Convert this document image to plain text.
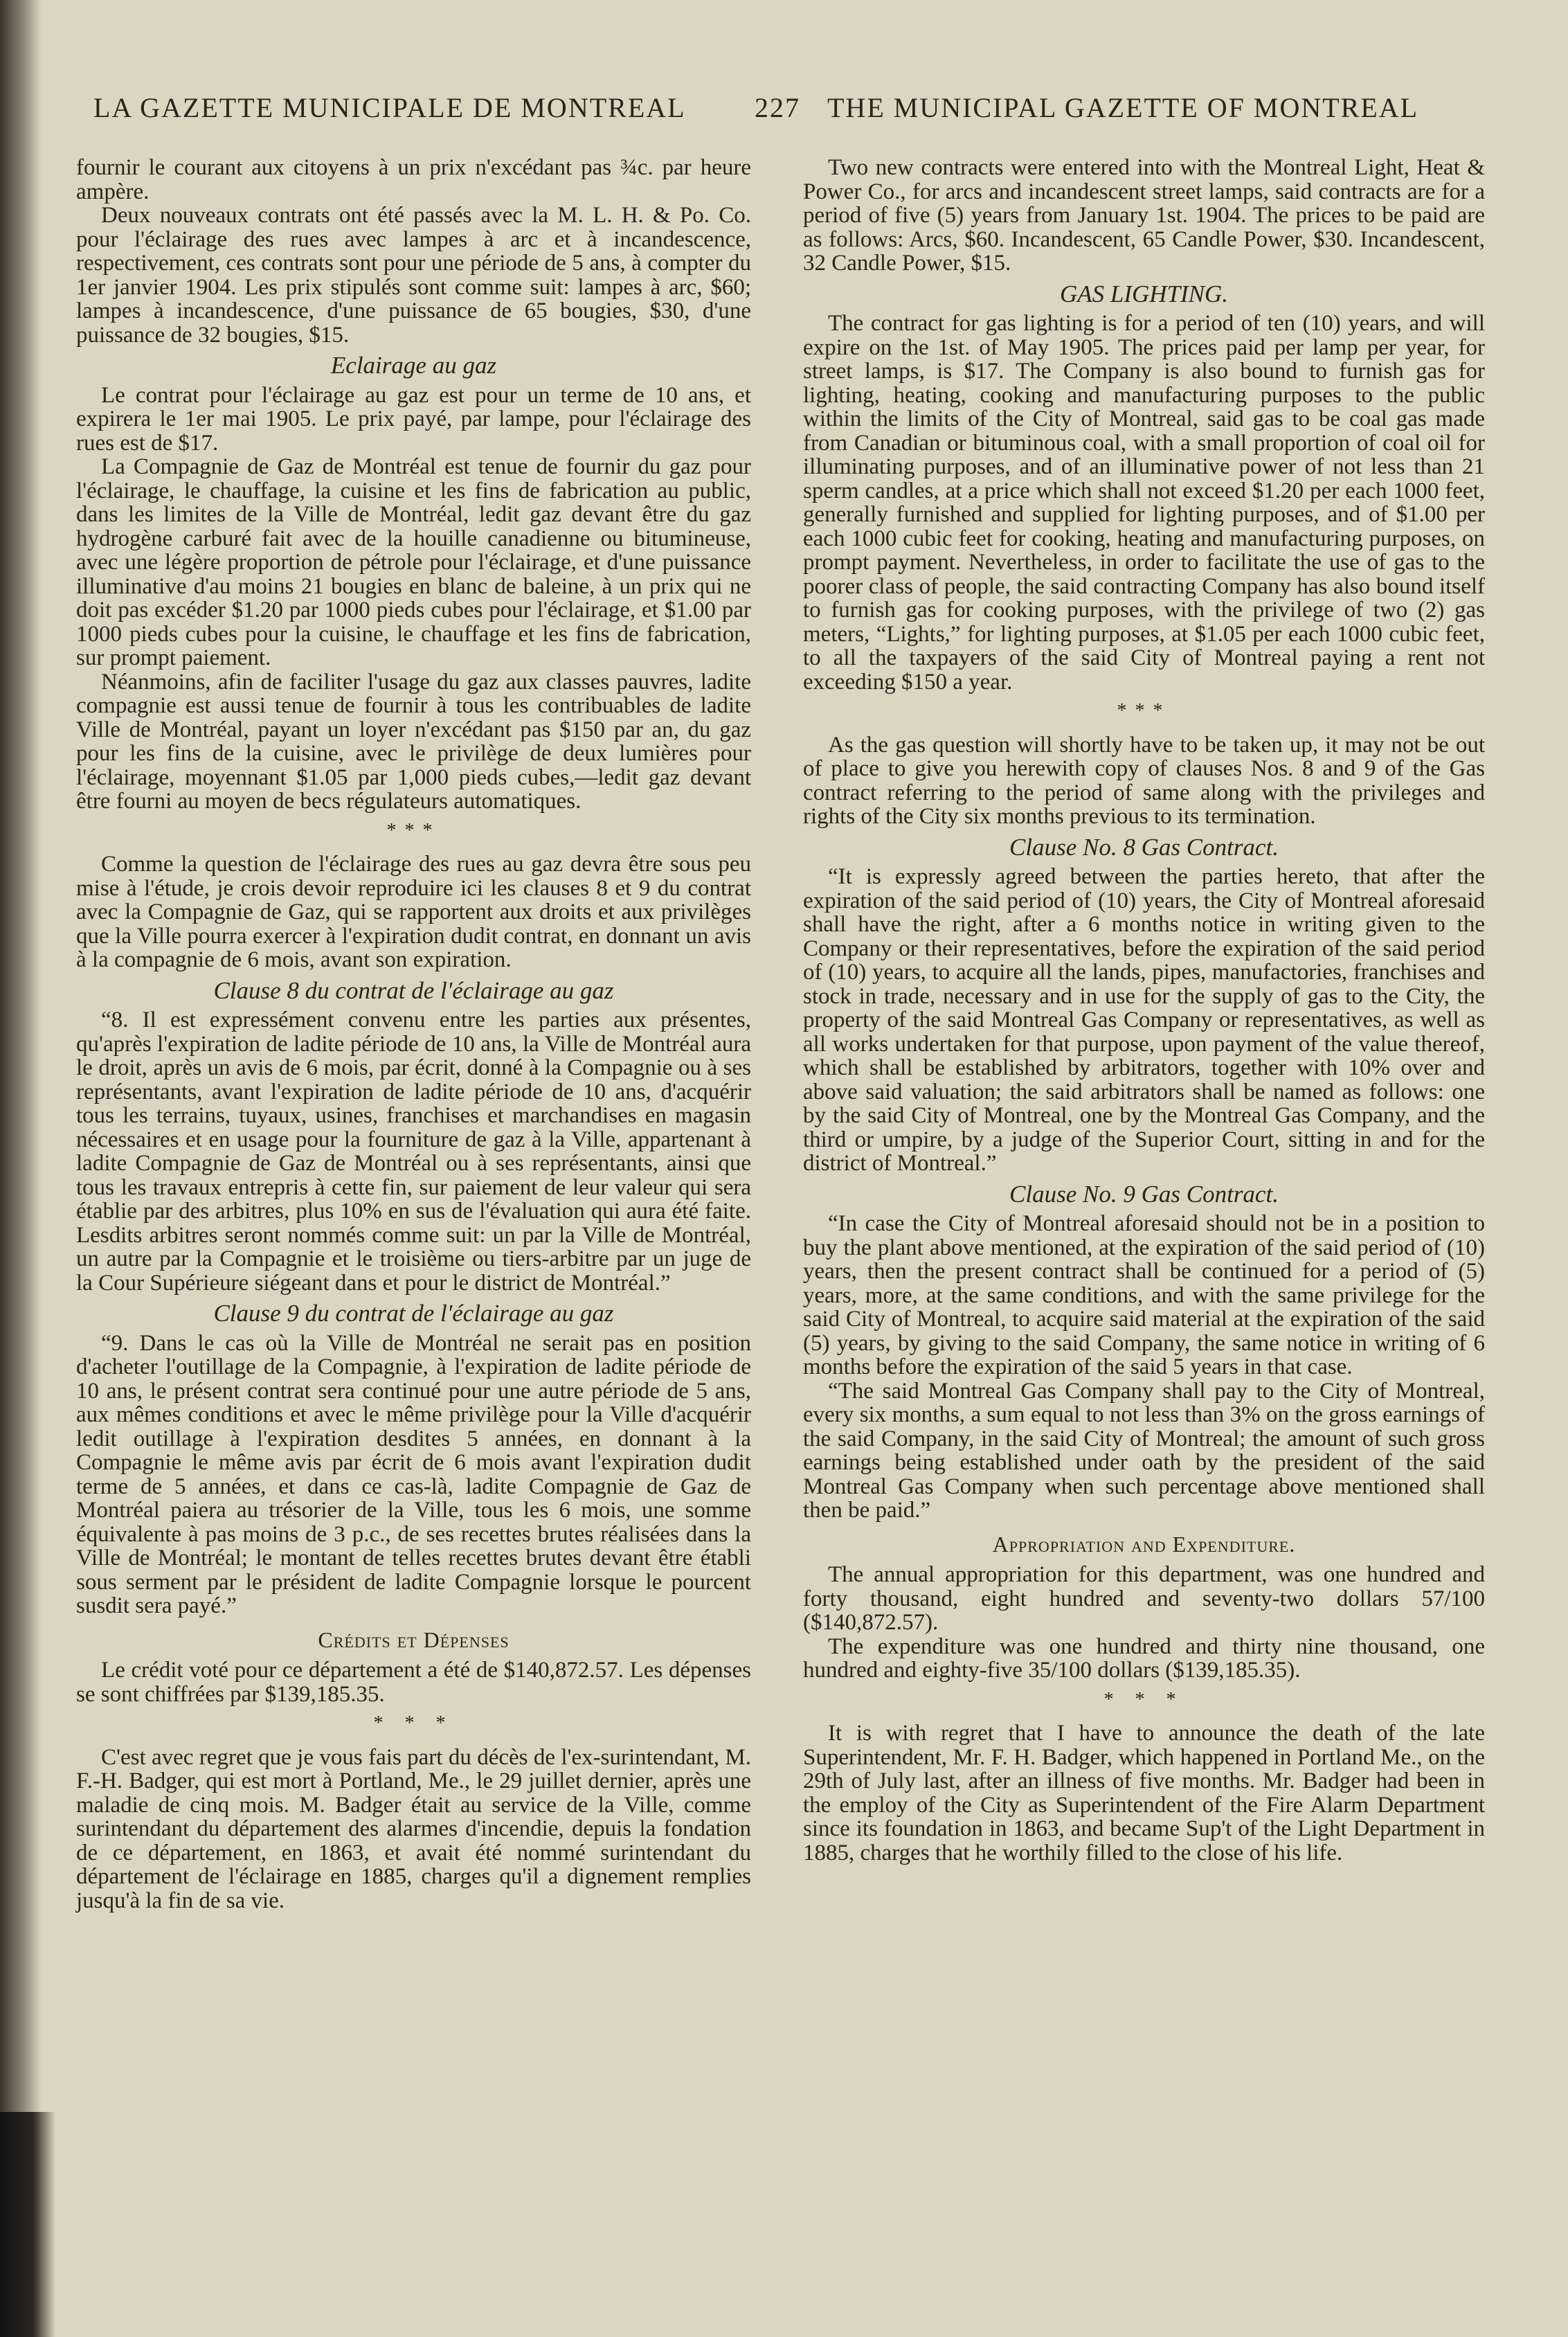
LA GAZETTE MUNICIPALE DE MONTREAL 227 THE MUNICIPAL GAZETTE OF MONTREAL

fournir le courant aux citoyens à un prix n'excédant pas ¾c. par heure ampère.

Deux nouveaux contrats ont été passés avec la M. L. H. & Po. Co. pour l'éclairage des rues avec lampes à arc et à incandescence, respectivement, ces contrats sont pour une période de 5 ans, à compter du 1er janvier 1904. Les prix stipulés sont comme suit: lampes à arc, $60; lampes à incandescence, d'une puissance de 65 bougies, $30, d'une puissance de 32 bougies, $15.

Eclairage au gaz

Le contrat pour l'éclairage au gaz est pour un terme de 10 ans, et expirera le 1er mai 1905. Le prix payé, par lampe, pour l'éclairage des rues est de $17.

La Compagnie de Gaz de Montréal est tenue de fournir du gaz pour l'éclairage, le chauffage, la cuisine et les fins de fabrication au public, dans les limites de la Ville de Montréal, ledit gaz devant être du gaz hydrogène carburé fait avec de la houille canadienne ou bitumineuse, avec une légère proportion de pétrole pour l'éclairage, et d'une puissance illuminative d'au moins 21 bougies en blanc de baleine, à un prix qui ne doit pas excéder $1.20 par 1000 pieds cubes pour l'éclairage, et $1.00 par 1000 pieds cubes pour la cuisine, le chauffage et les fins de fabrication, sur prompt paiement.

Néanmoins, afin de faciliter l'usage du gaz aux classes pauvres, ladite compagnie est aussi tenue de fournir à tous les contribuables de ladite Ville de Montréal, payant un loyer n'excédant pas $150 par an, du gaz pour les fins de la cuisine, avec le privilège de deux lumières pour l'éclairage, moyennant $1.05 par 1,000 pieds cubes,—ledit gaz devant être fourni au moyen de becs régulateurs automatiques.

***

Comme la question de l'éclairage des rues au gaz devra être sous peu mise à l'étude, je crois devoir reproduire ici les clauses 8 et 9 du contrat avec la Compagnie de Gaz, qui se rapportent aux droits et aux privilèges que la Ville pourra exercer à l'expiration dudit contrat, en donnant un avis à la compagnie de 6 mois, avant son expiration.

Clause 8 du contrat de l'éclairage au gaz

“8. Il est expressément convenu entre les parties aux présentes, qu'après l'expiration de ladite période de 10 ans, la Ville de Montréal aura le droit, après un avis de 6 mois, par écrit, donné à la Compagnie ou à ses représentants, avant l'expiration de ladite période de 10 ans, d'acquérir tous les terrains, tuyaux, usines, franchises et marchandises en magasin nécessaires et en usage pour la fourniture de gaz à la Ville, appartenant à ladite Compagnie de Gaz de Montréal ou à ses représentants, ainsi que tous les travaux entrepris à cette fin, sur paiement de leur valeur qui sera établie par des arbitres, plus 10% en sus de l'évaluation qui aura été faite. Lesdits arbitres seront nommés comme suit: un par la Ville de Montréal, un autre par la Compagnie et le troisième ou tiers-arbitre par un juge de la Cour Supérieure siégeant dans et pour le district de Montréal.”

Clause 9 du contrat de l'éclairage au gaz

“9. Dans le cas où la Ville de Montréal ne serait pas en position d'acheter l'outillage de la Compagnie, à l'expiration de ladite période de 10 ans, le présent contrat sera continué pour une autre période de 5 ans, aux mêmes conditions et avec le même privilège pour la Ville d'acquérir ledit outillage à l'expiration desdites 5 années, en donnant à la Compagnie le même avis par écrit de 6 mois avant l'expiration dudit terme de 5 années, et dans ce cas-là, ladite Compagnie de Gaz de Montréal paiera au trésorier de la Ville, tous les 6 mois, une somme équivalente à pas moins de 3 p.c., de ses recettes brutes réalisées dans la Ville de Montréal; le montant de telles recettes brutes devant être établi sous serment par le président de ladite Compagnie lorsque le pourcent susdit sera payé.”

Crédits et Dépenses

Le crédit voté pour ce département a été de $140,872.57. Les dépenses se sont chiffrées par $139,185.35.

* * *

C'est avec regret que je vous fais part du décès de l'ex-surintendant, M. F.-H. Badger, qui est mort à Portland, Me., le 29 juillet dernier, après une maladie de cinq mois. M. Badger était au service de la Ville, comme surintendant du département des alarmes d'incendie, depuis la fondation de ce département, en 1863, et avait été nommé surintendant du département de l'éclairage en 1885, charges qu'il a dignement remplies jusqu'à la fin de sa vie.

Two new contracts were entered into with the Montreal Light, Heat & Power Co., for arcs and incandescent street lamps, said contracts are for a period of five (5) years from January 1st. 1904. The prices to be paid are as follows: Arcs, $60. Incandescent, 65 Candle Power, $30. Incandescent, 32 Candle Power, $15.

GAS LIGHTING.

The contract for gas lighting is for a period of ten (10) years, and will expire on the 1st. of May 1905. The prices paid per lamp per year, for street lamps, is $17. The Company is also bound to furnish gas for lighting, heating, cooking and manufacturing purposes to the public within the limits of the City of Montreal, said gas to be coal gas made from Canadian or bituminous coal, with a small proportion of coal oil for illuminating purposes, and of an illuminative power of not less than 21 sperm candles, at a price which shall not exceed $1.20 per each 1000 feet, generally furnished and supplied for lighting purposes, and of $1.00 per each 1000 cubic feet for cooking, heating and manufacturing purposes, on prompt payment. Nevertheless, in order to facilitate the use of gas to the poorer class of people, the said contracting Company has also bound itself to furnish gas for cooking purposes, with the privilege of two (2) gas meters, “Lights,” for lighting purposes, at $1.05 per each 1000 cubic feet, to all the taxpayers of the said City of Montreal paying a rent not exceeding $150 a year.

***

As the gas question will shortly have to be taken up, it may not be out of place to give you herewith copy of clauses Nos. 8 and 9 of the Gas contract referring to the period of same along with the privileges and rights of the City six months previous to its termination.

Clause No. 8 Gas Contract.

“It is expressly agreed between the parties hereto, that after the expiration of the said period of (10) years, the City of Montreal aforesaid shall have the right, after a 6 months notice in writing given to the Company or their representatives, before the expiration of the said period of (10) years, to acquire all the lands, pipes, manufactories, franchises and stock in trade, necessary and in use for the supply of gas to the City, the property of the said Montreal Gas Company or representatives, as well as all works undertaken for that purpose, upon payment of the value thereof, which shall be established by arbitrators, together with 10% over and above said valuation; the said arbitrators shall be named as follows: one by the said City of Montreal, one by the Montreal Gas Company, and the third or umpire, by a judge of the Superior Court, sitting in and for the district of Montreal.”

Clause No. 9 Gas Contract.

“In case the City of Montreal aforesaid should not be in a position to buy the plant above mentioned, at the expiration of the said period of (10) years, then the present contract shall be continued for a period of (5) years, more, at the same conditions, and with the same privilege for the said City of Montreal, to acquire said material at the expiration of the said (5) years, by giving to the said Company, the same notice in writing of 6 months before the expiration of the said 5 years in that case.

“The said Montreal Gas Company shall pay to the City of Montreal, every six months, a sum equal to not less than 3% on the gross earnings of the said Company, in the said City of Montreal; the amount of such gross earnings being established under oath by the president of the said Montreal Gas Company when such percentage above mentioned shall then be paid.”

Appropriation and Expenditure.

The annual appropriation for this department, was one hundred and forty thousand, eight hundred and seventy-two dollars 57/100 ($140,872.57).

The expenditure was one hundred and thirty nine thousand, one hundred and eighty-five 35/100 dollars ($139,185.35).

* * *

It is with regret that I have to announce the death of the late Superintendent, Mr. F. H. Badger, which happened in Portland Me., on the 29th of July last, after an illness of five months. Mr. Badger had been in the employ of the City as Superintendent of the Fire Alarm Department since its foundation in 1863, and became Sup't of the Light Department in 1885, charges that he worthily filled to the close of his life.
